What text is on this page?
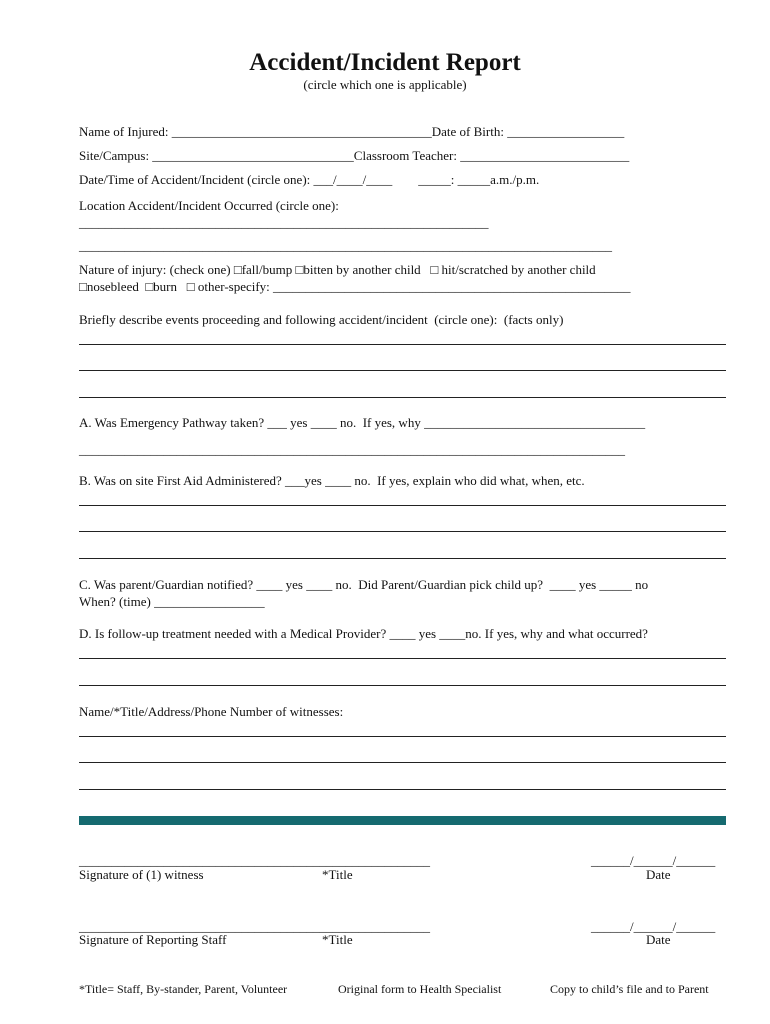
Accident/Incident Report
(circle which one is applicable)
Name of Injured: ________________________________________Date of Birth: __________________
Site/Campus: _______________________________Classroom Teacher: __________________________
Date/Time of Accident/Incident (circle one): ___/____/____        _____: _____a.m./p.m.
Location Accident/Incident Occurred (circle one):
_______________________________________________________________
__________________________________________________________________________________
Nature of injury: (check one) □fall/bump □bitten by another child   □ hit/scratched by another child
□nosebleed  □burn   □ other-specify: _______________________________________________________
Briefly describe events proceeding and following accident/incident  (circle one):  (facts only)
A. Was Emergency Pathway taken? ___ yes ____ no.  If yes, why __________________________________
____________________________________________________________________________________
B. Was on site First Aid Administered? ___yes ____ no.  If yes, explain who did what, when, etc.
C. Was parent/Guardian notified? ____ yes ____ no.  Did Parent/Guardian pick child up?  ____ yes _____ no
When? (time) _________________
D. Is follow-up treatment needed with a Medical Provider? ____ yes ____no. If yes, why and what occurred?
Name/*Title/Address/Phone Number of witnesses:
______________________________________________________	______/______/______
Signature of (1) witness	*Title	Date
______________________________________________________	______/______/______
Signature of Reporting Staff	*Title	Date
*Title= Staff, By-stander, Parent, Volunteer	Original form to Health Specialist	Copy to child’s file and to Parent
